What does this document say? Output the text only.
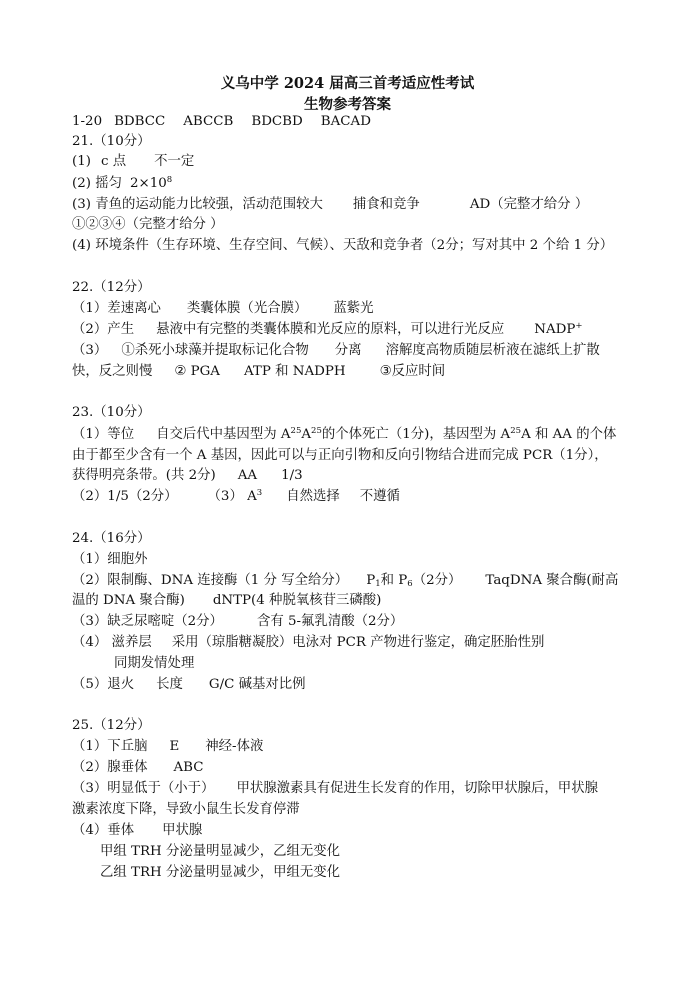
义乌中学 2024 届高三首考适应性考试
生物参考答案
1-20 BDBCC ABCCB BDCBD BACAD
21.（10分）
(1) c 点 不一定
(2) 摇匀 $2\times 10^8$
(3) 青鱼的运动能力比较强，活动范围较大 捕食和竞争	AD（完整才给分 ）
①②③④（完整才给分 ）
(4) 环境条件（生存环境、生存空间、气候）、天敌和竞争者（2分；写对其中 2 个给 1 分）
22.（12分）
（1）差速离心 类囊体膜（光合膜） 蓝紫光
（2）产生 悬液中有完整的类囊体膜和光反应的原料，可以进行光反应 NADP+
（3） ①杀死小球藻并提取标记化合物 分离 溶解度高物质随层析液在滤纸上扩散
快，反之则慢 ② PGA ATP 和 NADPH	③反应时间
23.（10分）
（1）等位 自交后代中基因型为 $A^{25}A^{25}$的个体死亡（1分)，基因型为 $A^{25}A$ 和 AA 的个体
由于都至少含有一个 A 基因，因此可以与正向引物和反向引物结合进而完成 PCR（1分），
获得明亮条带。(共 2分) AA 1/3
（2）1/5（2分） （3） $A^3$ 自然选择 不遵循
24.（16分）
（1）细胞外
（2）限制酶、DNA 连接酶（1 分 写全给分） $P_1$和 $P_6(2$分） TaqDNA 聚合酶(耐高
温的 DNA 聚合酶) dNTP(4 种脱氧核苷三磷酸)
（3）缺乏尿嘧啶（2分）	含有 5-氟乳清酸（2分）
（4） 滋养层 采用（琼脂糖凝胶）电泳对 PCR 产物进行鉴定，确定胚胎性别
同期发情处理
（5）退火 长度 G/C 碱基对比例
25.（12分）
（1）下丘脑 E 神经-体液
（2）腺垂体 ABC
（3）明显低于（小于） 甲状腺激素具有促进生长发育的作用，切除甲状腺后，甲状腺
激素浓度下降，导致小鼠生长发育停滞
（4）垂体 甲状腺
甲组 TRH 分泌量明显减少，乙组无变化
乙组 TRH 分泌量明显减少，甲组无变化
